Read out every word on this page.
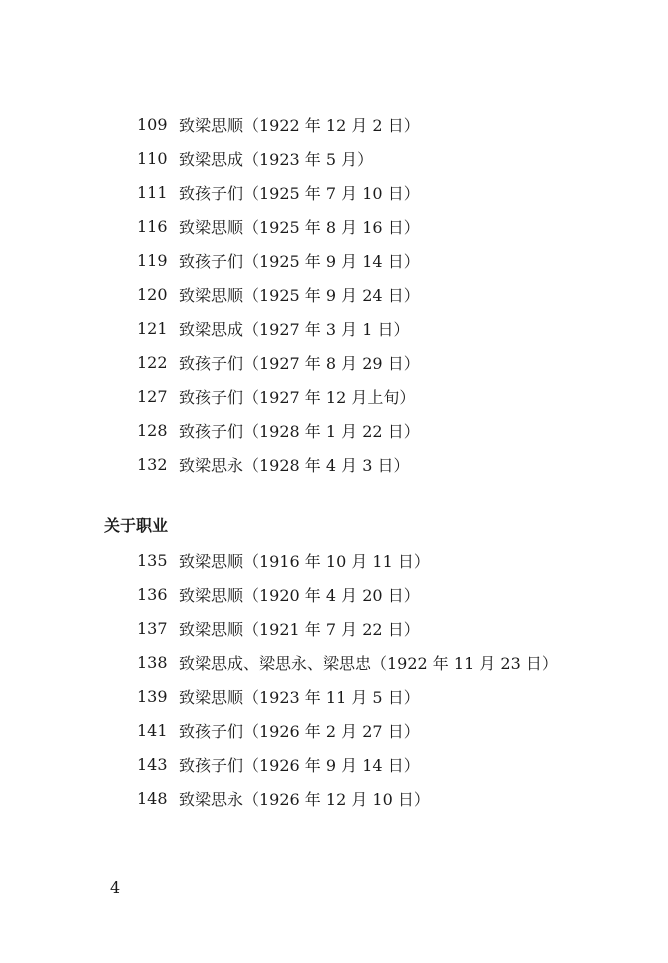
109 致梁思顺（1922 年 12 月 2 日）
110 致梁思成（1923 年 5 月）
111 致孩子们（1925 年 7 月 10 日）
116 致梁思顺（1925 年 8 月 16 日）
119 致孩子们（1925 年 9 月 14 日）
120 致梁思顺（1925 年 9 月 24 日）
121 致梁思成（1927 年 3 月 1 日）
122 致孩子们（1927 年 8 月 29 日）
127 致孩子们（1927 年 12 月上旬）
128 致孩子们（1928 年 1 月 22 日）
132 致梁思永（1928 年 4 月 3 日）
关于职业
135 致梁思顺（1916 年 10 月 11 日）
136 致梁思顺（1920 年 4 月 20 日）
137 致梁思顺（1921 年 7 月 22 日）
138 致梁思成、梁思永、梁思忠（1922 年 11 月 23 日）
139 致梁思顺（1923 年 11 月 5 日）
141 致孩子们（1926 年 2 月 27 日）
143 致孩子们（1926 年 9 月 14 日）
148 致梁思永（1926 年 12 月 10 日）
4
